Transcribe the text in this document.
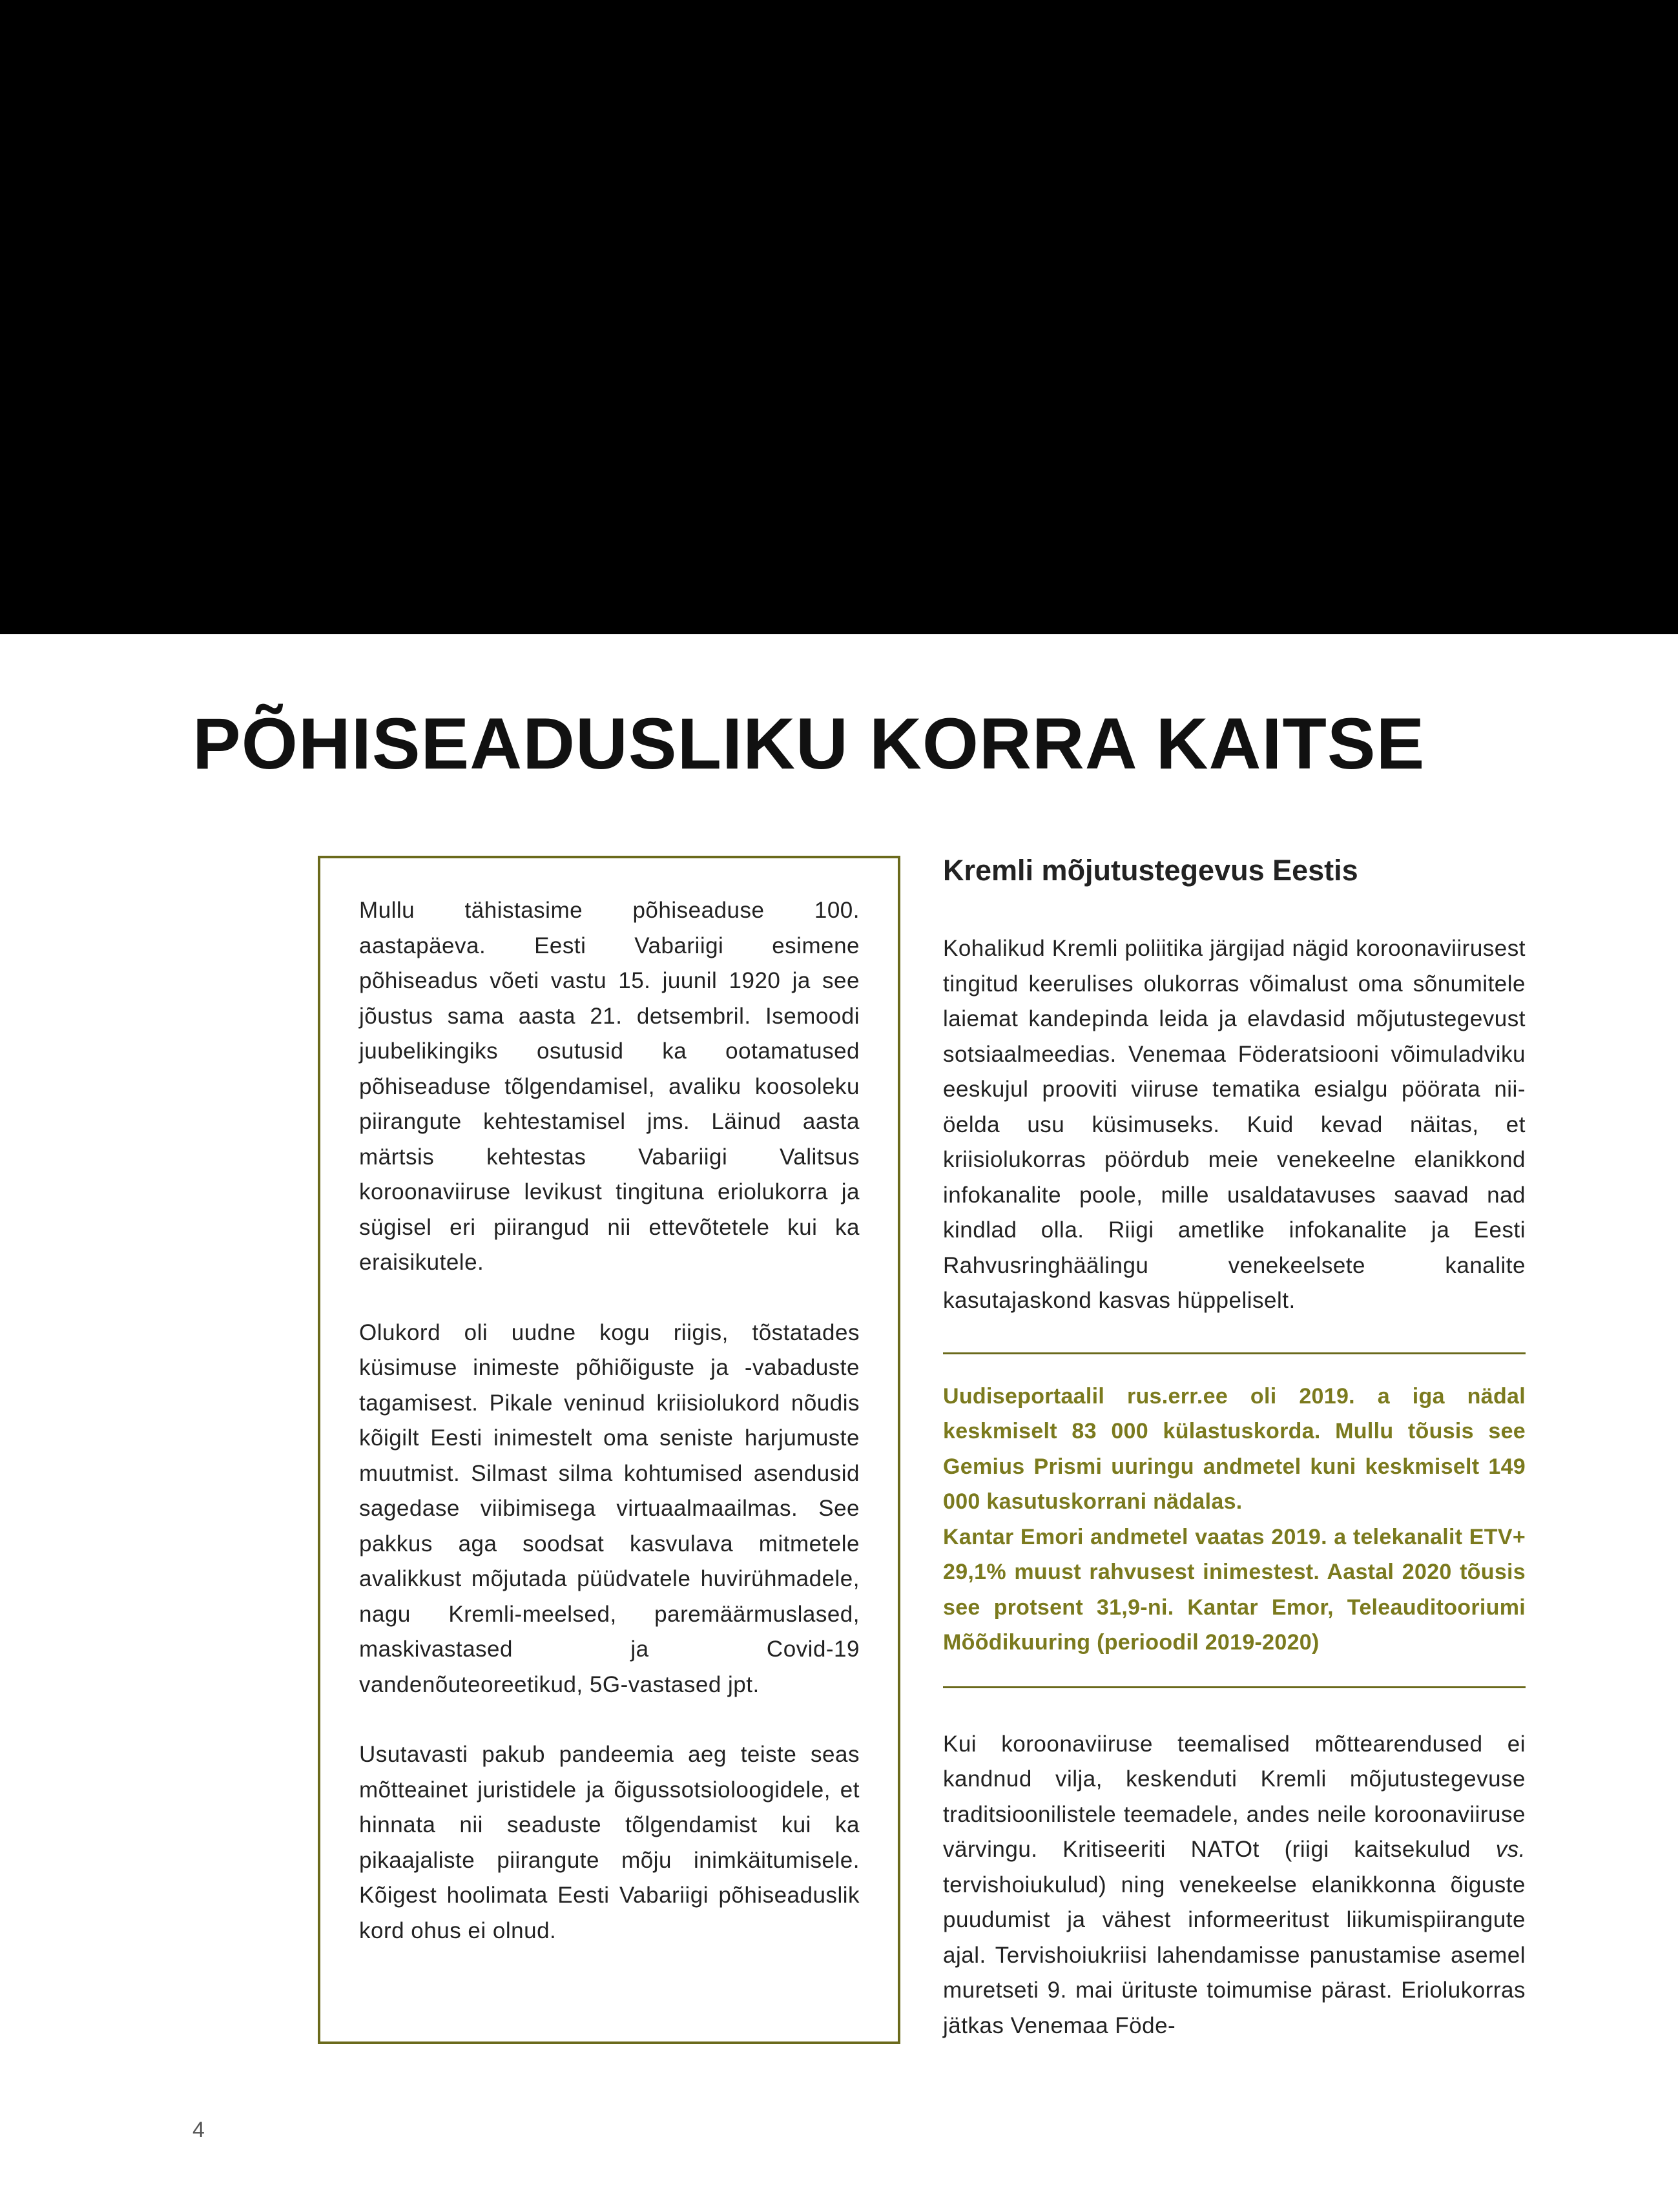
PÕHISEADUSLIKU KORRA KAITSE

Mullu tähistasime põhiseaduse 100. aastapäeva. Eesti Vabariigi esimene põhiseadus võeti vastu 15. juunil 1920 ja see jõustus sama aasta 21. detsembril. Isemoodi juubelikingiks osutusid ka ootamatused põhiseaduse tõlgendamisel, avaliku koosoleku piirangute kehtestamisel jms. Läinud aasta märtsis kehtestas Vabariigi Valitsus koroonaviiruse levikust tingituna eriolukorra ja sügisel eri piirangud nii ettevõtetele kui ka eraisikutele.

Olukord oli uudne kogu riigis, tõstatades küsimuse inimeste põhiõiguste ja -vabaduste tagamisest. Pikale veninud kriisiolukord nõudis kõigilt Eesti inimestelt oma seniste harjumuste muutmist. Silmast silma kohtumised asendusid sagedase viibimisega virtuaalmaailmas. See pakkus aga soodsat kasvulava mitmetele avalikkust mõjutada püüdvatele huvirühmadele, nagu Kremli-meelsed, paremäärmuslased, maskivastased ja Covid-19 vandenõuteoreetikud, 5G-vastased jpt.

Usutavasti pakub pandeemia aeg teiste seas mõtteainet juristidele ja õigussotsioloogidele, et hinnata nii seaduste tõlgendamist kui ka pikaajaliste piirangute mõju inimkäitumisele. Kõigest hoolimata Eesti Vabariigi põhiseaduslik kord ohus ei olnud.

Kremli mõjutustegevus Eestis

Kohalikud Kremli poliitika järgijad nägid koroonaviirusest tingitud keerulises olukorras võimalust oma sõnumitele laiemat kandepinda leida ja elavdasid mõjutustegevust sotsiaalmeedias. Venemaa Föderatsiooni võimuladviku eeskujul prooviti viiruse tematika esialgu pöörata nii-öelda usu küsimuseks. Kuid kevad näitas, et kriisiolukorras pöördub meie venekeelne elanikkond infokanalite poole, mille usaldatavuses saavad nad kindlad olla. Riigi ametlike infokanalite ja Eesti Rahvusringhäälingu venekeelsete kanalite kasutajaskond kasvas hüppeliselt.

Uudiseportaalil rus.err.ee oli 2019. a iga nädal keskmiselt 83 000 külastuskorda. Mullu tõusis see Gemius Prismi uuringu andmetel kuni keskmiselt 149 000 kasutuskorrani nädalas.

Kantar Emori andmetel vaatas 2019. a telekanalit ETV+ 29,1% muust rahvusest inimestest. Aastal 2020 tõusis see protsent 31,9-ni. Kantar Emor, Teleauditooriumi Mõõdikuuring (perioodil 2019-2020)

Kui koroonaviiruse teemalised mõttearendused ei kandnud vilja, keskenduti Kremli mõjutustegevuse traditsioonilistele teemadele, andes neile koroonaviiruse värvingu. Kritiseeriti NATOt (riigi kaitsekulud vs. tervishoiukulud) ning venekeelse elanikkonna õiguste puudumist ja vähest informeeritust liikumispiirangute ajal. Tervishoiukriisi lahendamisse panustamise asemel muretseti 9. mai ürituste toimumise pärast. Eriolukorras jätkas Venemaa Föde-

4
